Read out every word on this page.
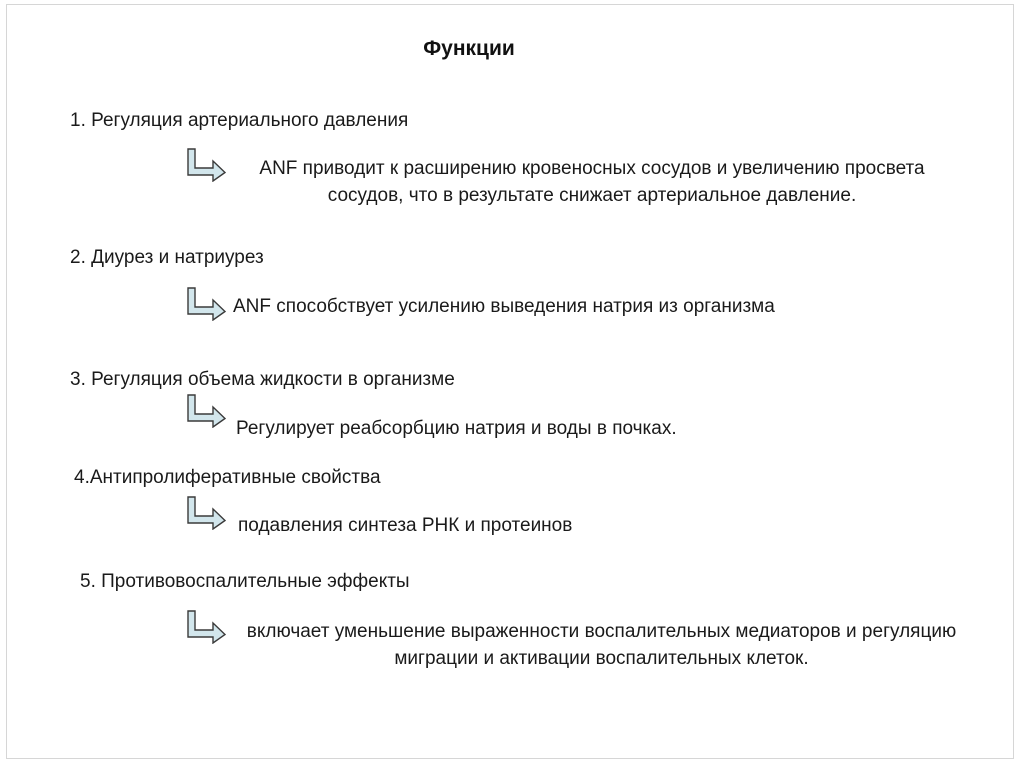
Функции
1. Регуляция артериального давления
ANF приводит к расширению кровеносных сосудов и увеличению просвета сосудов, что в результате снижает артериальное давление.
2. Диурез и натриурез
ANF способствует усилению выведения натрия из организма
3. Регуляция объема жидкости в организме
Регулирует реабсорбцию натрия и воды в почках.
4.Антипролиферативные свойства
подавления синтеза РНК и протеинов
5. Противовоспалительные эффекты
включает уменьшение выраженности воспалительных медиаторов и регуляцию миграции и активации воспалительных клеток.
